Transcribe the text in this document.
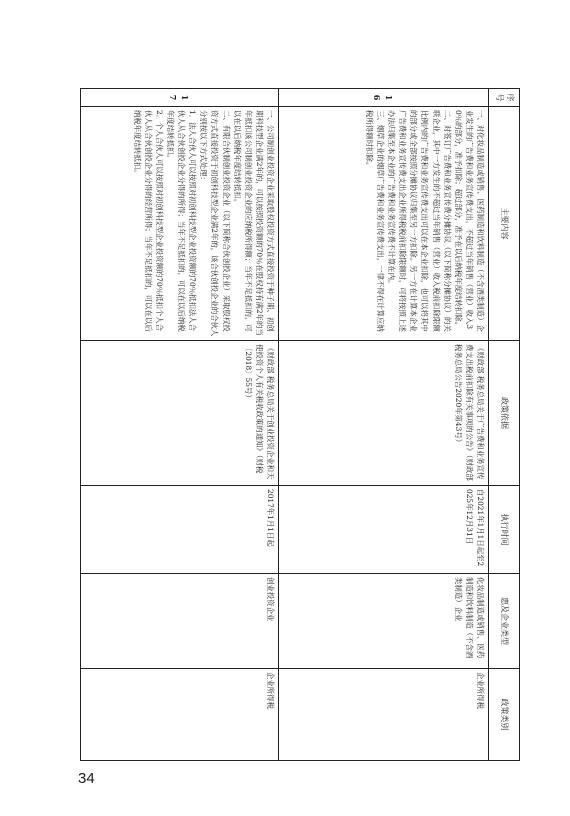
34
序号	主要内容	政策依据	执行时间	惠及企业类型	政策类别
16	一、对化妆品制造或销售、医药制造和饮料制造（不含酒类制造）企业发生的广告费和业务宣传费支出，不超过当年销售（营业）收入30％的部分，准予扣除；超过部分，准予在以后纳税年度结转扣除。

二、对签订广告费和业务宣传费分摊协议（以下简称分摊协议）的关联企业，其中一方发生的不超过当年销售（营业）收入税前扣除限额比例内的广告费和业务宣传费支出可以在本企业扣除，也可以将其中的部分或全部按照分摊协议归集至另一方扣除。另一方在计算本企业广告费和业务宣传费支出企业所得税税前扣除限额时，可将按照上述办法归集至本企业的广告费和业务宣传费不计算在内。

三、烟草企业的烟草广告费和业务宣传费支出，一律不得在计算应纳税所得额时扣除。	《财政部 税务总局关于广告费和业务宣传费支出税前扣除有关事项的公告》（财政部 税务总局公告2020年第43号）	自2021年1月1日起至2025年12月31日	化妆品制造或销售、医药制造和饮料制造（不含酒类制造）企业	企业所得税
17	一、公司制创业投资企业采取股权投资方式直接投资于种子期、初创期科技型企业满2年的，可以按照投资额的70％在股权持有满2年的当年抵扣该公司制创业投资企业的应纳税所得额；当年不足抵扣的，可以在以后纳税年度结转抵扣。

二、有限合伙制创业投资企业（以下简称合伙创投企业）采取股权投资方式直接投资于初创科技型企业满2年的，该合伙创投企业的合伙人分别按以下方式处理：

1．法人合伙人可以按照对初创科技型企业投资额的70％抵扣法人合伙人从合伙创投企业分得的所得；当年不足抵扣的，可以在以后纳税年度结转抵扣。

2．个人合伙人可以按照对初创科技型企业投资额的70％抵扣个人合伙人从合伙创投企业分得的经营所得；当年不足抵扣的，可以在以后纳税年度结转抵扣。	《财政部 税务总局关于创业投资企业和天使投资个人有关税收政策的通知》（财税〔2018〕55号）	2017年1月1日起	创业投资企业	企业所得税
